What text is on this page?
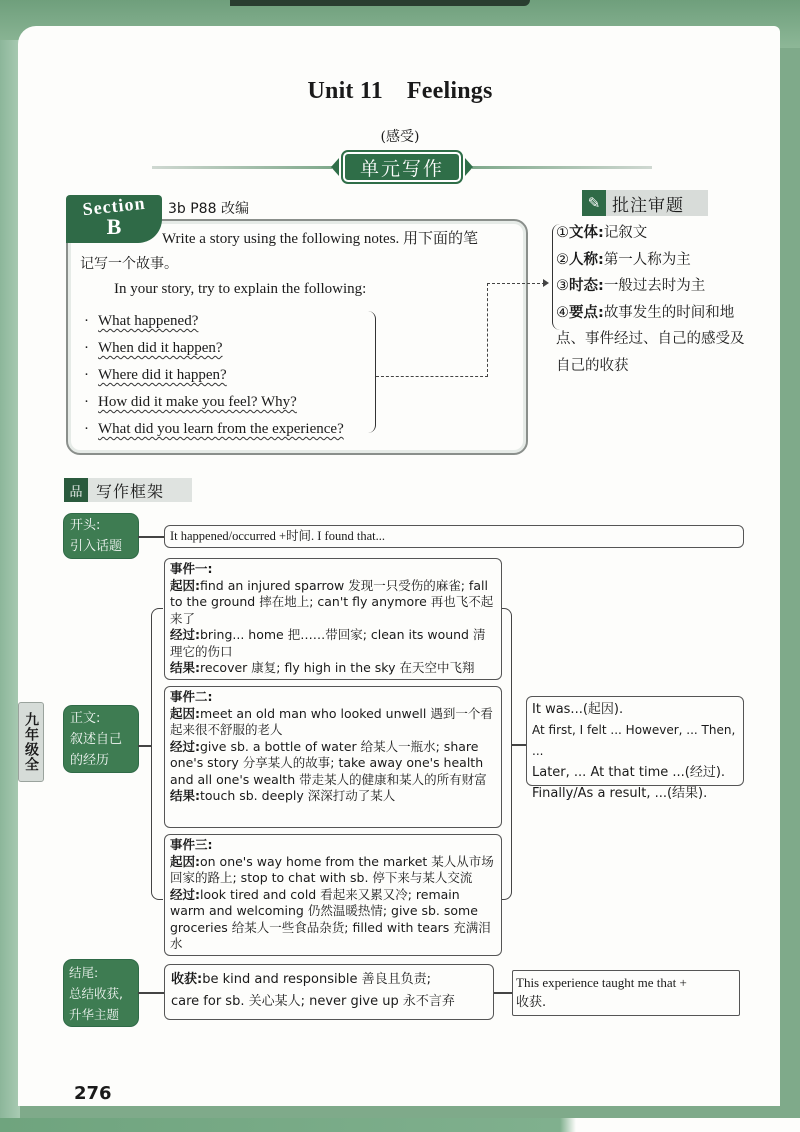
Unit 11 Feelings
(感受)
单元写作
Write a story using the following notes. 用下面的笔
记写一个故事。
In your story, try to explain the following:
· What happened?
· When did it happen?
· Where did it happen?
· How did it make you feel? Why?
· What did you learn from the experience?
Section
B
3b P88 改编	✎ 批注审题
①文体:记叙文
②人称:第一人称为主
③时态:一般过去时为主
④要点:故事发生的时间和地点、事件经过、自己的感受及自己的收获
品 写作框架
开头:
引入话题
It happened/occurred +时间. I found that...
九年级全	正文:
叙述自己
的经历
事件一:
起因:find an injured sparrow 发现一只受伤的麻雀; fall to the ground 摔在地上; can't fly anymore 再也飞不起来了
经过:bring... home 把……带回家; clean its wound 清理它的伤口
结果:recover 康复; fly high in the sky 在天空中飞翔
事件二:
起因:meet an old man who looked unwell 遇到一个看起来很不舒服的老人
经过:give sb. a bottle of water 给某人一瓶水; share one's story 分享某人的故事; take away one's health and all one's wealth 带走某人的健康和某人的所有财富
结果:touch sb. deeply 深深打动了某人
事件三:
起因:on one's way home from the market 某人从市场回家的路上; stop to chat with sb. 停下来与某人交流
经过:look tired and cold 看起来又累又冷; remain warm and welcoming 仍然温暖热情; give sb. some groceries 给某人一些食品杂货; filled with tears 充满泪水
It was...(起因).
At first, I felt ... However, ... Then, ...
Later, ... At that time ...(经过).
Finally/As a result, ...(结果).
结尾:
总结收获,
升华主题
收获:be kind and responsible 善良且负责;
care for sb. 关心某人; never give up 永不言弃
This experience taught me that +
收获.
276
